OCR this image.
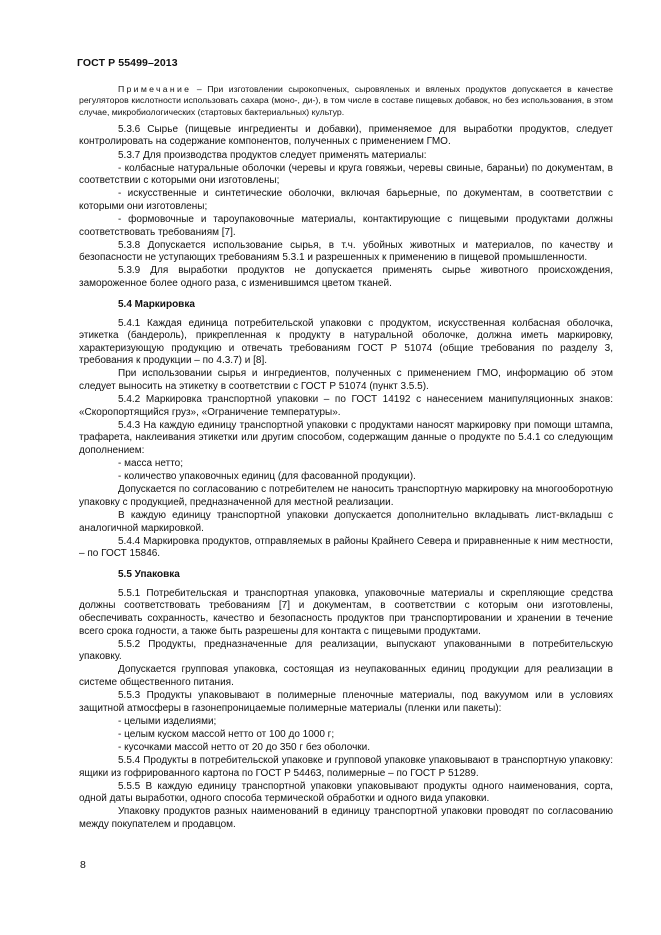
ГОСТ Р 55499–2013

Примечание – При изготовлении сырокопченых, сыровяленых и вяленых продуктов допускается в качестве регуляторов кислотности использовать сахара (моно-, ди-), в том числе в составе пищевых добавок, но без использования, в этом случае, микробиологических (стартовых бактериальных) культур.

5.3.6 Сырье (пищевые ингредиенты и добавки), применяемое для выработки продуктов, следует контролировать на содержание компонентов, полученных с применением ГМО.

5.3.7 Для производства продуктов следует применять материалы:

- колбасные натуральные оболочки (черевы и круга говяжьи, черевы свиные, бараньи) по документам, в соответствии с которыми они изготовлены;

- искусственные и синтетические оболочки, включая барьерные, по документам, в соответствии с которыми они изготовлены;

- формовочные и тароупаковочные материалы, контактирующие с пищевыми продуктами должны соответствовать требованиям [7].

5.3.8 Допускается использование сырья, в т.ч. убойных животных и материалов, по качеству и безопасности не уступающих требованиям 5.3.1 и разрешенных к применению в пищевой промышленности.

5.3.9 Для выработки продуктов не допускается применять сырье животного происхождения, замороженное более одного раза, с изменившимся цветом тканей.

5.4 Маркировка

5.4.1 Каждая единица потребительской упаковки с продуктом, искусственная колбасная оболочка, этикетка (бандероль), прикрепленная к продукту в натуральной оболочке, должна иметь маркировку, характеризующую продукцию и отвечать требованиям ГОСТ Р 51074 (общие требования по разделу 3, требования к продукции – по 4.3.7) и [8].

При использовании сырья и ингредиентов, полученных с применением ГМО, информацию об этом следует выносить на этикетку в соответствии с ГОСТ Р 51074 (пункт 3.5.5).

5.4.2 Маркировка транспортной упаковки – по ГОСТ 14192 с нанесением манипуляционных знаков: «Скоропортящийся груз», «Ограничение температуры».

5.4.3 На каждую единицу транспортной упаковки с продуктами наносят маркировку при помощи штампа, трафарета, наклеивания этикетки или другим способом, содержащим данные о продукте по 5.4.1 со следующим дополнением:

- масса нетто;

- количество упаковочных единиц (для фасованной продукции).

Допускается по согласованию с потребителем не наносить транспортную маркировку на многооборотную упаковку с продукцией, предназначенной для местной реализации.

В каждую единицу транспортной упаковки допускается дополнительно вкладывать лист-вкладыш с аналогичной маркировкой.

5.4.4 Маркировка продуктов, отправляемых в районы Крайнего Севера и приравненные к ним местности, – по ГОСТ 15846.

5.5 Упаковка

5.5.1 Потребительская и транспортная упаковка, упаковочные материалы и скрепляющие средства должны соответствовать требованиям [7] и документам, в соответствии с которым они изготовлены, обеспечивать сохранность, качество и безопасность продуктов при транспортировании и хранении в течение всего срока годности, а также быть разрешены для контакта с пищевыми продуктами.

5.5.2 Продукты, предназначенные для реализации, выпускают упакованными в потребительскую упаковку.

Допускается групповая упаковка, состоящая из неупакованных единиц продукции для реализации в системе общественного питания.

5.5.3 Продукты упаковывают в полимерные пленочные материалы, под вакуумом или в условиях защитной атмосферы в газонепроницаемые полимерные материалы (пленки или пакеты):

- целыми изделиями;

- целым куском массой нетто от 100 до 1000 г;

- кусочками массой нетто от 20 до 350 г без оболочки.

5.5.4 Продукты в потребительской упаковке и групповой упаковке упаковывают в транспортную упаковку: ящики из гофрированного картона по ГОСТ Р 54463, полимерные – по ГОСТ Р 51289.

5.5.5 В каждую единицу транспортной упаковки упаковывают продукты одного наименования, сорта, одной даты выработки, одного способа термической обработки и одного вида упаковки.

Упаковку продуктов разных наименований в единицу транспортной упаковки проводят по согласованию между покупателем и продавцом.

8
